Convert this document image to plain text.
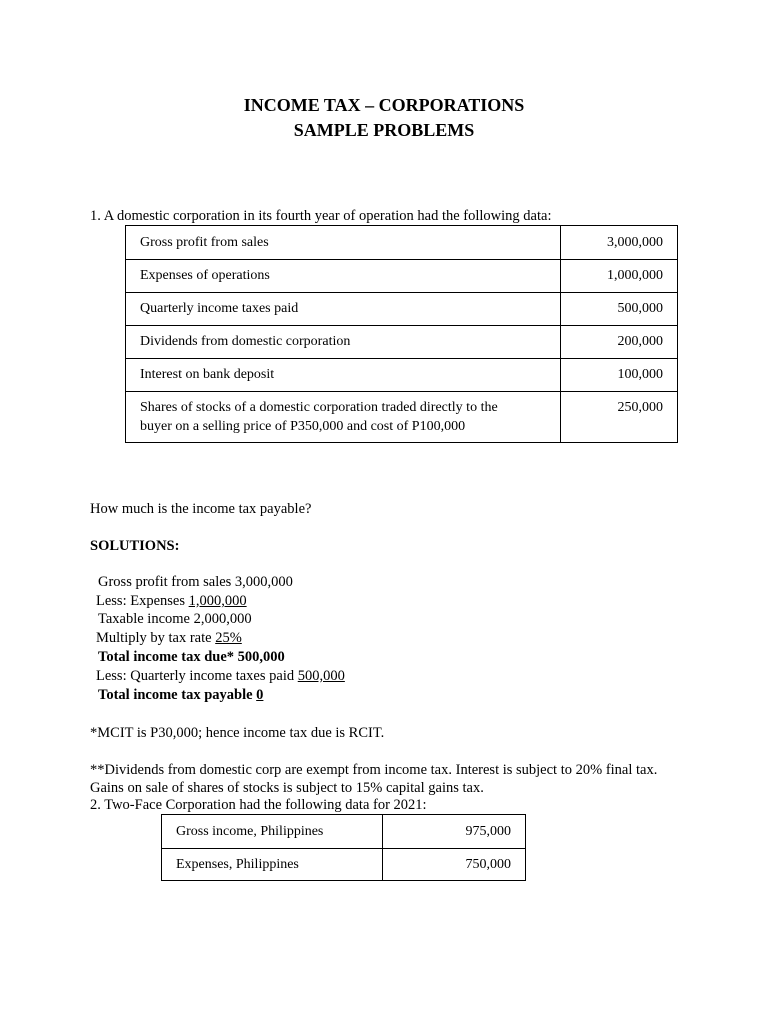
INCOME TAX – CORPORATIONS
SAMPLE PROBLEMS
1. A domestic corporation in its fourth year of operation had the following data:
Gross profit from sales	3,000,000
Expenses of operations	1,000,000
Quarterly income taxes paid	500,000
Dividends from domestic corporation	200,000
Interest on bank deposit	100,000

Shares of stocks of a domestic corporation traded directly to the
buyer on a selling price of P350,000 and cost of P100,000	250,000
How much is the income tax payable?
SOLUTIONS:
Gross profit from sales 3,000,000
Less: Expenses 1,000,000
Taxable income 2,000,000
Multiply by tax rate 25%
Total income tax due* 500,000
Less: Quarterly income taxes paid 500,000
Total income tax payable 0
*MCIT is P30,000; hence income tax due is RCIT.
**Dividends from domestic corp are exempt from income tax. Interest is subject to 20% final tax.
Gains on sale of shares of stocks is subject to 15% capital gains tax.
2. Two-Face Corporation had the following data for 2021:
Gross income, Philippines	975,000
Expenses, Philippines	750,000
